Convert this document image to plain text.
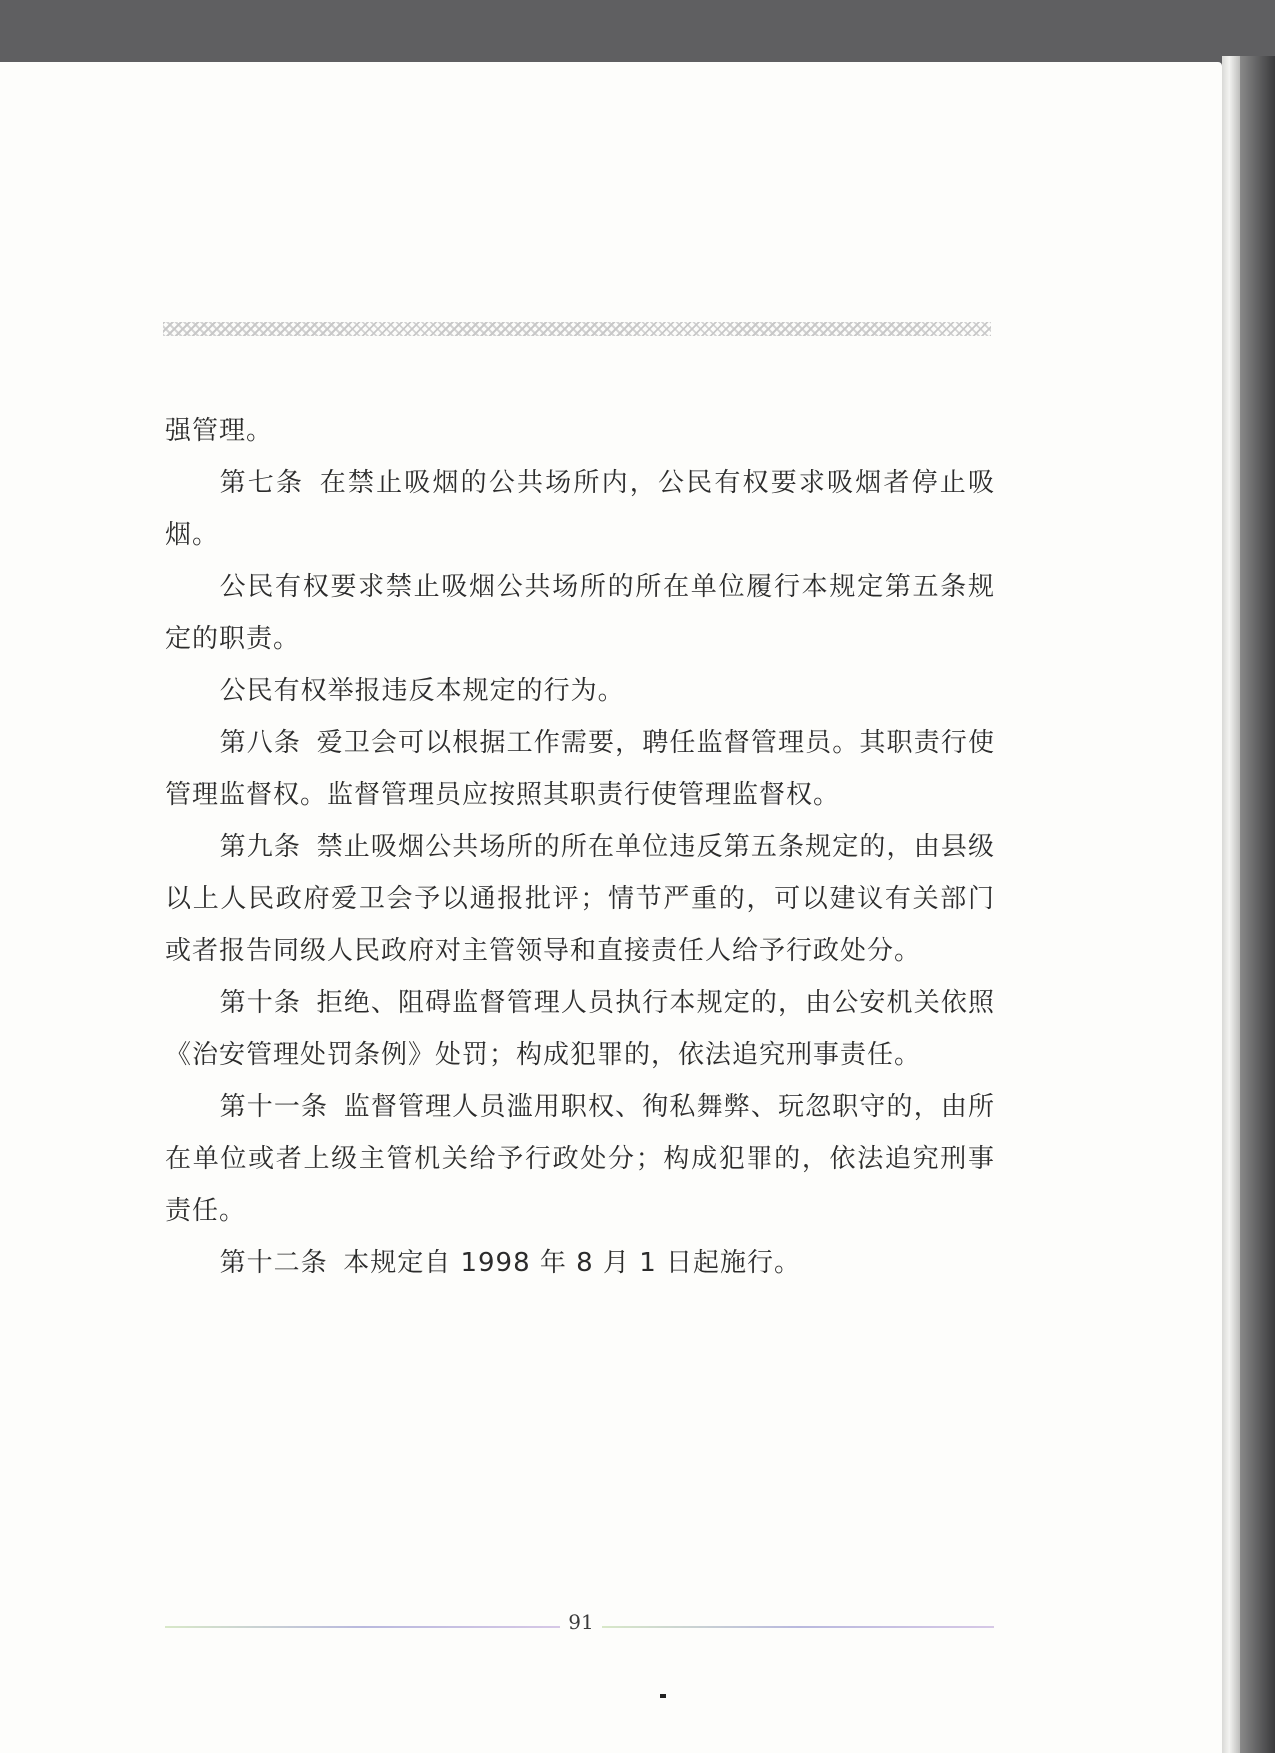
强管理。

第七条 在禁止吸烟的公共场所内，公民有权要求吸烟者停止吸烟。

公民有权要求禁止吸烟公共场所的所在单位履行本规定第五条规定的职责。

公民有权举报违反本规定的行为。

第八条 爱卫会可以根据工作需要，聘任监督管理员。其职责行使管理监督权。监督管理员应按照其职责行使管理监督权。

第九条 禁止吸烟公共场所的所在单位违反第五条规定的，由县级以上人民政府爱卫会予以通报批评；情节严重的，可以建议有关部门或者报告同级人民政府对主管领导和直接责任人给予行政处分。

第十条 拒绝、阻碍监督管理人员执行本规定的，由公安机关依照《治安管理处罚条例》处罚；构成犯罪的，依法追究刑事责任。

第十一条 监督管理人员滥用职权、徇私舞弊、玩忽职守的，由所在单位或者上级主管机关给予行政处分；构成犯罪的，依法追究刑事责任。

第十二条 本规定自 1998 年 8 月 1 日起施行。

91
